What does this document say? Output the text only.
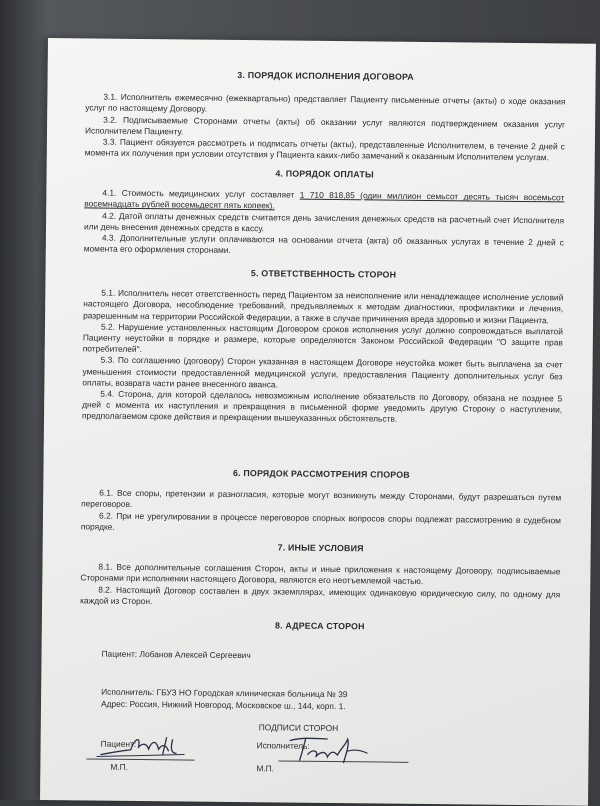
3. ПОРЯДОК ИСПОЛНЕНИЯ ДОГОВОРА

3.1. Исполнитель ежемесячно (ежеквартально) представляет Пациенту письменные отчеты (акты) о ходе оказания услуг по настоящему Договору.

3.2. Подписываемые Сторонами отчеты (акты) об оказании услуг являются подтверждением оказания услуг Исполнителем Пациенту.

3.3. Пациент обязуется рассмотреть и подписать отчеты (акты), представленные Исполнителем, в течение 2 дней с момента их получения при условии отсутствия у Пациента каких-либо замечаний к оказанным Исполнителем услугам.

4. ПОРЯДОК ОПЛАТЫ

4.1. Стоимость медицинских услуг составляет 1 710 818,85 (один миллион семьсот десять тысяч восемьсот восемнадцать рублей восемьдесят пять копеек).

4.2. Датой оплаты денежных средств считается день зачисления денежных средств на расчетный счет Исполнителя или день внесения денежных средств в кассу.

4.3. Дополнительные услуги оплачиваются на основании отчета (акта) об оказанных услугах в течение 2 дней с момента его оформления сторонами.

5. ОТВЕТСТВЕННОСТЬ СТОРОН

5.1. Исполнитель несет ответственность перед Пациентом за неисполнение или ненадлежащее исполнение условий настоящего Договора, несоблюдение требований, предъявляемых к методам диагностики, профилактики и лечения, разрешенным на территории Российской Федерации, а также в случае причинения вреда здоровью и жизни Пациента.

5.2. Нарушение установленных настоящим Договором сроков исполнения услуг должно сопровождаться выплатой Пациенту неустойки в порядке и размере, которые определяются Законом Российской Федерации "О защите прав потребителей".

5.3. По соглашению (договору) Сторон указанная в настоящем Договоре неустойка может быть выплачена за счет уменьшения стоимости предоставленной медицинской услуги, предоставления Пациенту дополнительных услуг без оплаты, возврата части ранее внесенного аванса.

5.4. Сторона, для которой сделалось невозможным исполнение обязательств по Договору, обязана не позднее 5 дней с момента их наступления и прекращения в письменной форме уведомить другую Сторону о наступлении, предполагаемом сроке действия и прекращении вышеуказанных обстоятельств.

6. ПОРЯДОК РАССМОТРЕНИЯ СПОРОВ

6.1. Все споры, претензии и разногласия, которые могут возникнуть между Сторонами, будут разрешаться путем переговоров.

6.2. При не урегулировании в процессе переговоров спорных вопросов споры подлежат рассмотрению в судебном порядке.

7. ИНЫЕ УСЛОВИЯ

8.1. Все дополнительные соглашения Сторон, акты и иные приложения к настоящему Договору, подписываемые Сторонами при исполнении настоящего Договора, являются его неотъемлемой частью.

8.2. Настоящий Договор составлен в двух экземплярах, имеющих одинаковую юридическую силу, по одному для каждой из Сторон.

8. АДРЕСА СТОРОН
Пациент: Лобанов Алексей Сергеевич
Исполнитель: ГБУЗ НО Городская клиническая больница № 39
Адрес: Россия, Нижний Новгород, Московское ш., 144, корп. 1.
ПОДПИСИ СТОРОН
Пациент:
М.П.
Исполнитель:
М.П.
